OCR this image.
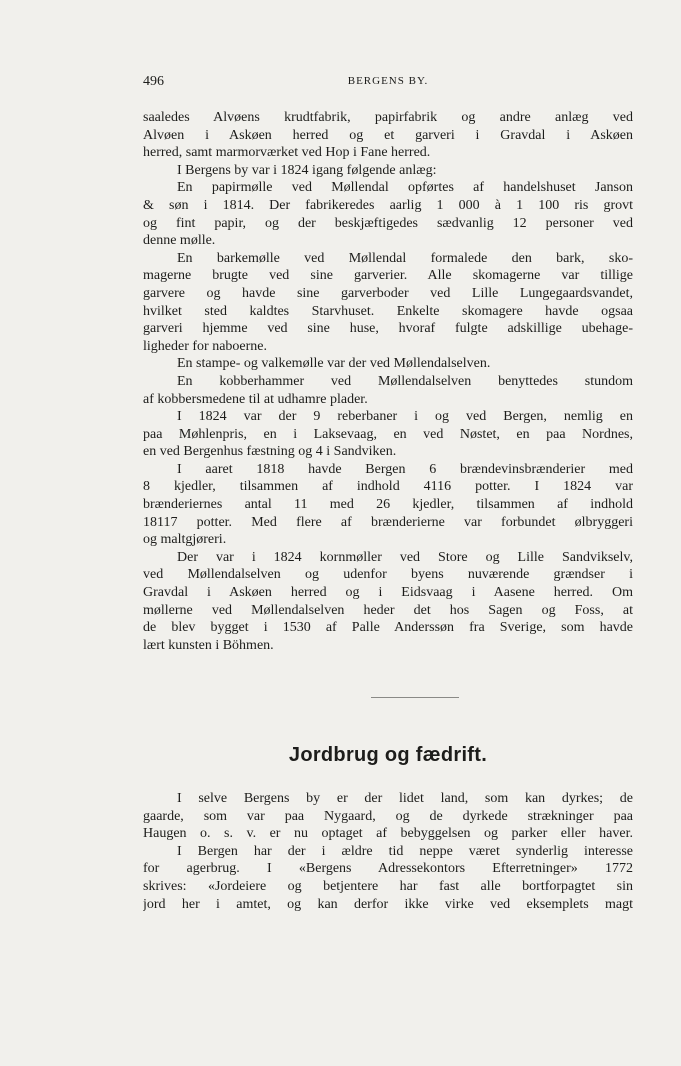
496	BERGENS BY.

saaledes Alvøens krudtfabrik, papirfabrik og andre anlæg ved

Alvøen i Askøen herred og et garveri i Gravdal i Askøen

herred, samt marmorværket ved Hop i Fane herred.

I Bergens by var i 1824 igang følgende anlæg:

En papirmølle ved Møllendal opførtes af handelshuset Janson

& søn i 1814. Der fabrikeredes aarlig 1 000 à 1 100 ris grovt

og fint papir, og der beskjæftigedes sædvanlig 12 personer ved

denne mølle.

En barkemølle ved Møllendal formalede den bark, sko-

magerne brugte ved sine garverier. Alle skomagerne var tillige

garvere og havde sine garverboder ved Lille Lungegaardsvandet,

hvilket sted kaldtes Starvhuset. Enkelte skomagere havde ogsaa

garveri hjemme ved sine huse, hvoraf fulgte adskillige ubehage-

ligheder for naboerne.

En stampe- og valkemølle var der ved Møllendalselven.

En kobberhammer ved Møllendalselven benyttedes stundom

af kobbersmedene til at udhamre plader.

I 1824 var der 9 reberbaner i og ved Bergen, nemlig en

paa Møhlenpris, en i Laksevaag, en ved Nøstet, en paa Nordnes,

en ved Bergenhus fæstning og 4 i Sandviken.

I aaret 1818 havde Bergen 6 brændevinsbrænderier med

8 kjedler, tilsammen af indhold 4116 potter. I 1824 var

brænderiernes antal 11 med 26 kjedler, tilsammen af indhold

18117 potter. Med flere af brænderierne var forbundet ølbryggeri

og maltgjøreri.

Der var i 1824 kornmøller ved Store og Lille Sandvikselv,

ved Møllendalselven og udenfor byens nuværende grændser i

Gravdal i Askøen herred og i Eidsvaag i Aasene herred. Om

møllerne ved Møllendalselven heder det hos Sagen og Foss, at

de blev bygget i 1530 af Palle Anderssøn fra Sverige, som havde

lært kunsten i Böhmen.

Jordbrug og fædrift.

I selve Bergens by er der lidet land, som kan dyrkes; de

gaarde, som var paa Nygaard, og de dyrkede strækninger paa

Haugen o. s. v. er nu optaget af bebyggelsen og parker eller haver.

I Bergen har der i ældre tid neppe været synderlig interesse

for agerbrug. I «Bergens Adressekontors Efterretninger» 1772

skrives: «Jordeiere og betjentere har fast alle bortforpagtet sin

jord her i amtet, og kan derfor ikke virke ved eksemplets magt
